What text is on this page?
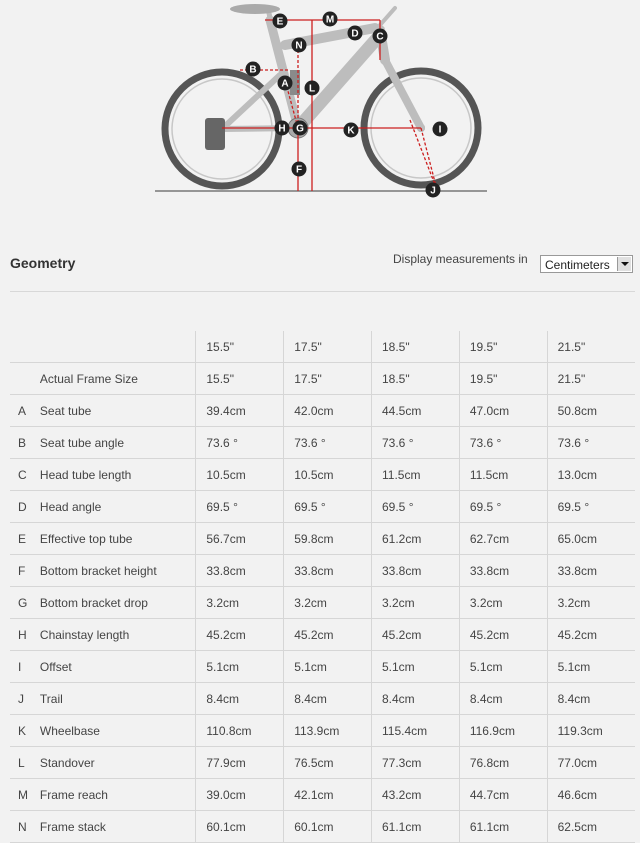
A
B
C
D
E
F
G
H	I
J
K
L
M
N
Geometry	Display measurements in Centimeters
		15.5"	17.5"	18.5"	19.5"	21.5"
	Actual Frame Size	15.5"	17.5"	18.5"	19.5"	21.5"
A	Seat tube	39.4cm	42.0cm	44.5cm	47.0cm	50.8cm
B	Seat tube angle	73.6 °	73.6 °	73.6 °	73.6 °	73.6 °
C	Head tube length	10.5cm	10.5cm	11.5cm	11.5cm	13.0cm
D	Head angle	69.5 °	69.5 °	69.5 °	69.5 °	69.5 °
E	Effective top tube	56.7cm	59.8cm	61.2cm	62.7cm	65.0cm
F	Bottom bracket height	33.8cm	33.8cm	33.8cm	33.8cm	33.8cm
G	Bottom bracket drop	3.2cm	3.2cm	3.2cm	3.2cm	3.2cm
H	Chainstay length	45.2cm	45.2cm	45.2cm	45.2cm	45.2cm
I	Offset	5.1cm	5.1cm	5.1cm	5.1cm	5.1cm
J	Trail	8.4cm	8.4cm	8.4cm	8.4cm	8.4cm
K	Wheelbase	110.8cm	113.9cm	115.4cm	116.9cm	119.3cm
L	Standover	77.9cm	76.5cm	77.3cm	76.8cm	77.0cm
M	Frame reach	39.0cm	42.1cm	43.2cm	44.7cm	46.6cm
N	Frame stack	60.1cm	60.1cm	61.1cm	61.1cm	62.5cm
